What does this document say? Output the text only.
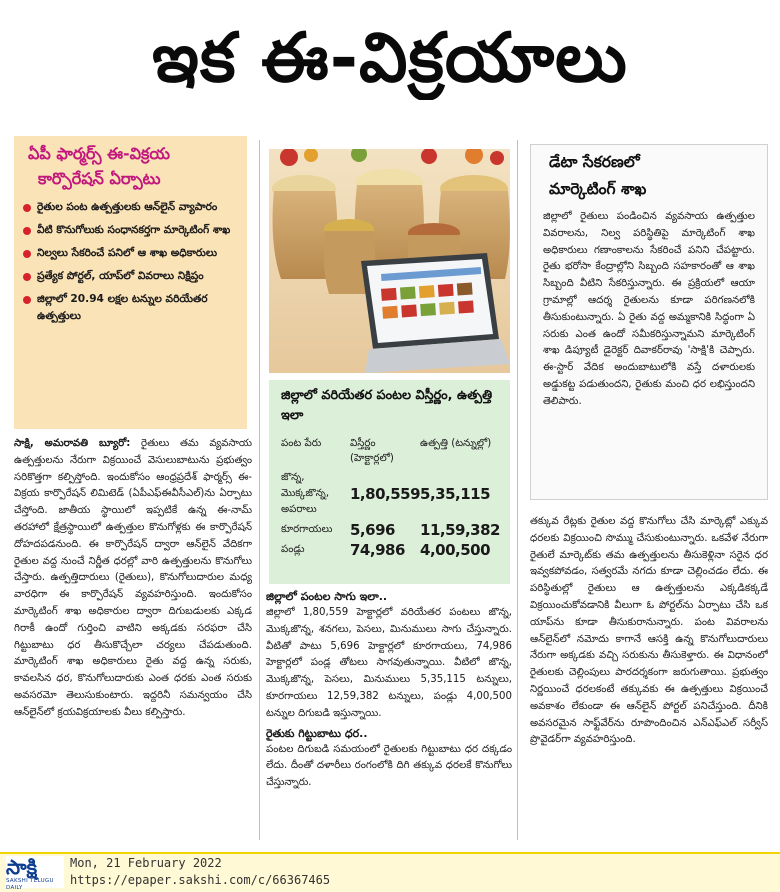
ఇక ఈ-విక్రయాలు
ఏపీ ఫార్మర్స్ ఈ-విక్రయ
కార్పొరేషన్ ఏర్పాటు
రైతుల పంట ఉత్పత్తులకు ఆన్‌లైన్ వ్యాపారం
వీటి కొనుగోలుకు సంధానకర్తగా మార్కెటింగ్ శాఖ
నిల్వలు సేకరించే పనిలో ఆ శాఖ అధికారులు
ప్రత్యేక పోర్టల్, యాప్‌లో వివరాలు నిక్షిప్తం
జిల్లాలో 20.94 లక్షల టన్నుల వరియేతర ఉత్పత్తులు
జిల్లాలో వరియేతర పంటల విస్తీర్ణం, ఉత్పత్తి ఇలా
పంట పేరు	విస్తీర్ణం (హెక్టార్లలో)	ఉత్పత్తి (టన్నుల్లో)
జొన్న, మొక్కజొన్న, అపరాలు	1,80,559	5,35,115
కూరగాయలు	5,696	11,59,382
పండ్లు	74,986	4,00,500
సాక్షి, అమరావతి బ్యూరో: రైతులు తమ వ్యవసాయ ఉత్పత్తులను నేరుగా విక్రయించే వెసులుబాటును ప్రభుత్వం సరికొత్తగా కల్పిస్తోంది. ఇందుకోసం ఆంధ్రప్రదేశ్ ఫార్మర్స్ ఈ-విక్రయ కార్పొరేషన్ లిమిటెడ్ (ఏపీఎఫ్ఈవీసీఎల్)ను ఏర్పాటు చేస్తోంది. జాతీయ స్థాయిలో ఇప్పటికే ఉన్న ఈ-నామ్ తరహాలో క్షేత్రస్థాయిలో ఉత్పత్తుల కొనుగోళ్లకు ఈ కార్పొరేషన్ దోహదపడనుంది. ఈ కార్పొరేషన్ ద్వారా ఆన్‌లైన్ వేదికగా రైతుల వద్ద నుంచే నిర్ణీత ధరల్లో వారి ఉత్పత్తులను కొనుగోలు చేస్తారు. ఉత్పత్తిదారులు (రైతులు), కొనుగోలుదారుల మధ్య వారధిగా ఈ కార్పొరేషన్ వ్యవహరిస్తుంది. ఇందుకోసం మార్కెటింగ్ శాఖ అధికారుల ద్వారా దిగుబడులకు ఎక్కడ గిరాకీ ఉందో గుర్తించి వాటిని అక్కడకు సరఫరా చేసి గిట్టుబాటు ధర తీసుకొచ్చేలా చర్యలు చేపడుతుంది. మార్కెటింగ్ శాఖ అధికారులు రైతు వద్ద ఉన్న సరుకు, కావలసిన ధర, కొనుగోలుదారుకు ఎంత ధరకు ఎంత సరుకు అవసరమో తెలుసుకుంటారు. ఇద్దరినీ సమన్వయం చేసి ఆన్‌లైన్‌లో క్రయవిక్రయాలకు వీలు కల్పిస్తారు.
జిల్లాలో పంటల సాగు ఇలా..
జిల్లాలో 1,80,559 హెక్టార్లలో వరియేతర పంటలు జొన్న, మొక్కజొన్న, శనగలు, పెసలు, మినుములు సాగు చేస్తున్నారు. వీటితో పాటు 5,696 హెక్టార్లలో కూరగాయలు, 74,986 హెక్టార్లలో పండ్ల తోటలు సాగవుతున్నాయి. వీటిలో జొన్న, మొక్కజొన్న, పెసలు, మినుములు 5,35,115 టన్నులు, కూరగాయలు 12,59,382 టన్నులు, పండ్లు 4,00,500 టన్నుల దిగుబడి ఇస్తున్నాయి.
రైతుకు గిట్టుబాటు ధర..
పంటల దిగుబడి సమయంలో రైతులకు గిట్టుబాటు ధర దక్కడం లేదు. దీంతో దళారీలు రంగంలోకి దిగి తక్కువ ధరలకే కొనుగోలు చేస్తున్నారు.
డేటా సేకరణలో
మార్కెటింగ్ శాఖ
జిల్లాలో రైతులు పండించిన వ్యవసాయ ఉత్పత్తుల వివరాలను, నిల్వ పరిస్థితిపై మార్కెటింగ్ శాఖ అధికారులు గణాంకాలను సేకరించే పనిని చేపట్టారు. రైతు భరోసా కేంద్రాల్లోని సిబ్బంది సహకారంతో ఆ శాఖ సిబ్బంది వీటిని సేకరిస్తున్నారు. ఈ ప్రక్రియలో ఆయా గ్రామాల్లో ఆదర్శ రైతులను కూడా పరిగణనలోకి తీసుకుంటున్నారు. ఏ రైతు వద్ద అమ్మకానికి సిద్ధంగా ఏ సరుకు ఎంత ఉందో సమీకరిస్తున్నామని మార్కెటింగ్ శాఖ డిప్యూటీ డైరెక్టర్ దివాకర్‌రావు 'సాక్షి'కి చెప్పారు. ఈ-స్టార్ వేదిక అందుబాటులోకి వస్తే దళారులకు అడ్డుకట్ట పడుతుందని, రైతుకు మంచి ధర లభిస్తుందని తెలిపారు.
తక్కువ రేట్లకు రైతుల వద్ద కొనుగోలు చేసి మార్కెట్లో ఎక్కువ ధరలకు విక్రయించి సొమ్ము చేసుకుంటున్నారు. ఒకవేళ నేరుగా రైతులే మార్కెట్‌కు తమ ఉత్పత్తులను తీసుకెళ్లినా సరైన ధర ఇవ్వకపోవడం, సత్వరమే నగదు కూడా చెల్లించడం లేదు. ఈ పరిస్థితుల్లో రైతులు ఆ ఉత్పత్తులను ఎక్కడికక్కడే విక్రయించుకోవడానికి వీలుగా ఓ పోర్టల్‌ను ఏర్పాటు చేసి ఒక యాప్‌ను కూడా తీసుకురానున్నారు. పంట వివరాలను ఆన్‌లైన్‌లో నమోదు కాగానే ఆసక్తి ఉన్న కొనుగోలుదారులు నేరుగా అక్కడకు వచ్చి సరుకును తీసుకెళ్తారు. ఈ విధానంలో రైతులకు చెల్లింపులు పారదర్శకంగా జరుగుతాయి. ప్రభుత్వం నిర్ణయించే ధరలకంటే తక్కువకు ఈ ఉత్పత్తులు విక్రయించే అవకాశం లేకుండా ఈ ఆన్‌లైన్ పోర్టల్ పనిచేస్తుంది. దీనికి అవసరమైన సాఫ్ట్‌వేర్‌ను రూపొందించిన ఎన్ఎఫ్ఎల్ సర్వీస్ ప్రొవైడర్‌గా వ్యవహరిస్తుంది.
సాక్షి
SAKSHI TELUGU DAILY
Mon, 21 February 2022
https://epaper.sakshi.com/c/66367465
